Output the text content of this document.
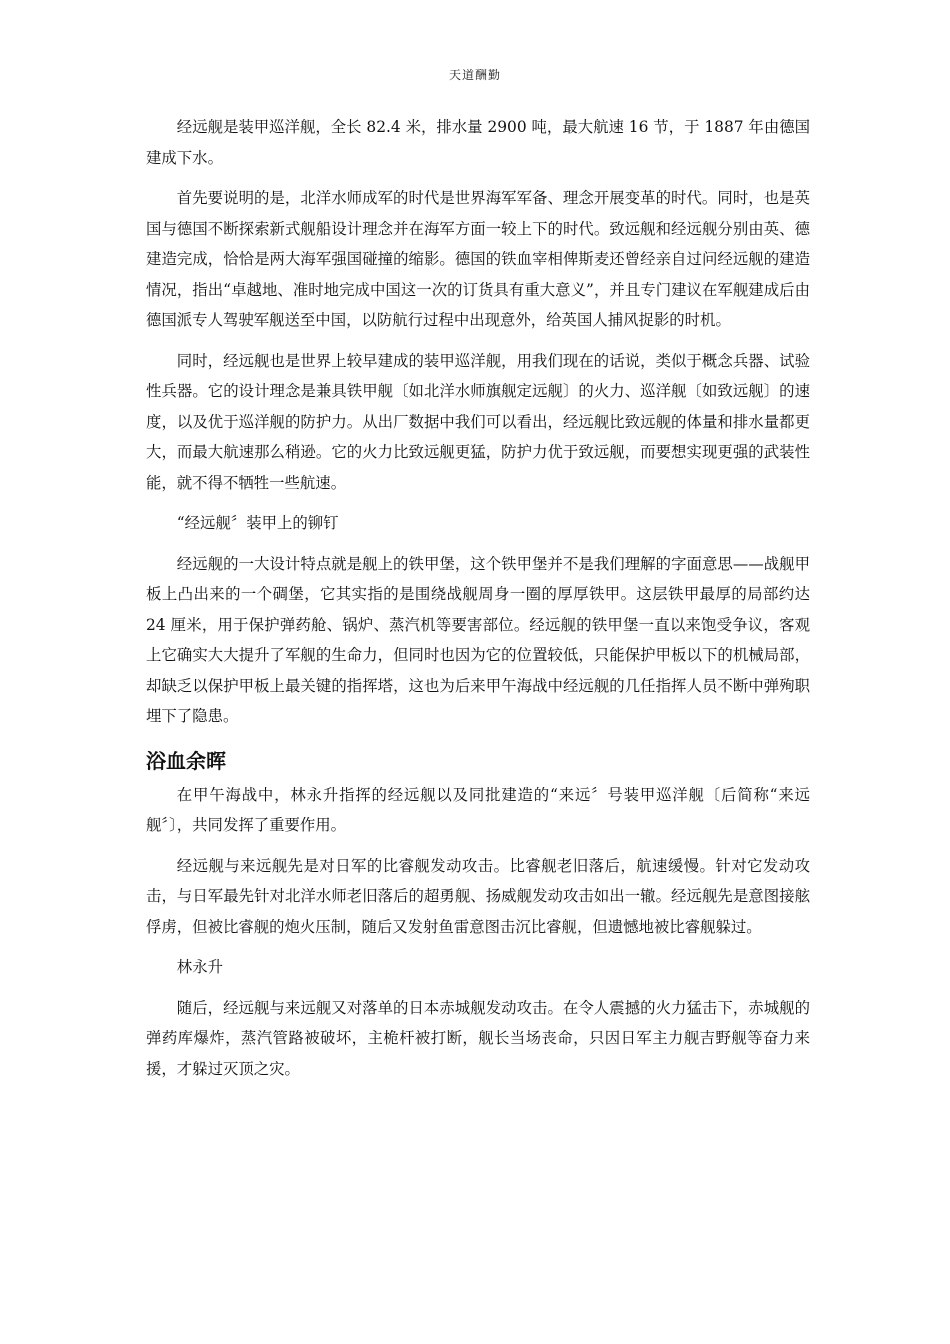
天道酬勤

经远舰是装甲巡洋舰，全长 82.4 米，排水量 2900 吨，最大航速 16 节，于 1887 年由德国建成下水。

首先要说明的是，北洋水师成军的时代是世界海军军备、理念开展变革的时代。同时，也是英国与德国不断探索新式舰船设计理念并在海军方面一较上下的时代。致远舰和经远舰分别由英、德建造完成，恰恰是两大海军强国碰撞的缩影。德国的铁血宰相俾斯麦还曾经亲自过问经远舰的建造情况，指出“卓越地、准时地完成中国这一次的订货具有重大意义”，并且专门建议在军舰建成后由德国派专人驾驶军舰送至中国，以防航行过程中出现意外，给英国人捕风捉影的时机。

同时，经远舰也是世界上较早建成的装甲巡洋舰，用我们现在的话说，类似于概念兵器、试验性兵器。它的设计理念是兼具铁甲舰〔如北洋水师旗舰定远舰〕的火力、巡洋舰〔如致远舰〕的速度，以及优于巡洋舰的防护力。从出厂数据中我们可以看出，经远舰比致远舰的体量和排水量都更大，而最大航速那么稍逊。它的火力比致远舰更猛，防护力优于致远舰，而要想实现更强的武装性能，就不得不牺牲一些航速。

“经远舰〞装甲上的铆钉

经远舰的一大设计特点就是舰上的铁甲堡，这个铁甲堡并不是我们理解的字面意思——战舰甲板上凸出来的一个碉堡，它其实指的是围绕战舰周身一圈的厚厚铁甲。这层铁甲最厚的局部约达 24 厘米，用于保护弹药舱、锅炉、蒸汽机等要害部位。经远舰的铁甲堡一直以来饱受争议，客观上它确实大大提升了军舰的生命力，但同时也因为它的位置较低，只能保护甲板以下的机械局部，却缺乏以保护甲板上最关键的指挥塔，这也为后来甲午海战中经远舰的几任指挥人员不断中弹殉职埋下了隐患。

浴血余晖

在甲午海战中，林永升指挥的经远舰以及同批建造的“来远〞号装甲巡洋舰〔后简称“来远舰〞〕，共同发挥了重要作用。

经远舰与来远舰先是对日军的比睿舰发动攻击。比睿舰老旧落后，航速缓慢。针对它发动攻击，与日军最先针对北洋水师老旧落后的超勇舰、扬威舰发动攻击如出一辙。经远舰先是意图接舷俘虏，但被比睿舰的炮火压制，随后又发射鱼雷意图击沉比睿舰，但遗憾地被比睿舰躲过。

林永升

随后，经远舰与来远舰又对落单的日本赤城舰发动攻击。在令人震撼的火力猛击下，赤城舰的弹药库爆炸，蒸汽管路被破坏，主桅杆被打断，舰长当场丧命，只因日军主力舰吉野舰等奋力来援，才躲过灭顶之灾。
